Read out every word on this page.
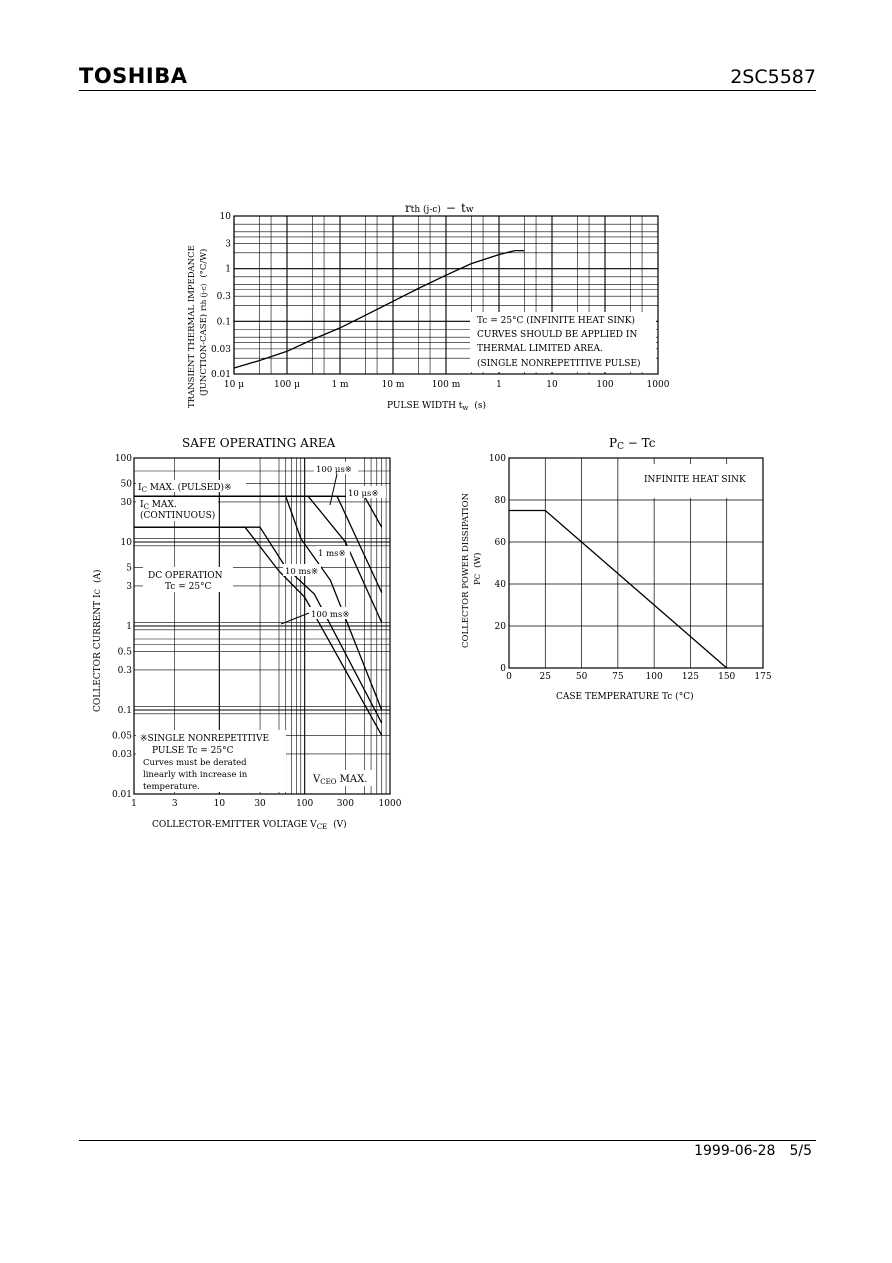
TOSHIBA	2SC5587
rth (j-c) − tw
10 μ	100 μ	1 m	10 m	100 m	1	10	100	1000
10
3
1
0.3
0.1
0.03
0.01
PULSE WIDTH $t_w$ (s)
TRANSIENT THERMAL IMPEDANCE (JUNCTION-CASE) rth (j-c)(°C/W)
Tc = 25°C (INFINITE HEAT SINK)
CURVES SHOULD BE APPLIED IN
THERMAL LIMITED AREA.
(SINGLE NONREPETITIVE PULSE)
SAFE OPERATING AREA
1	3	10	30	100	300	1000
100
50
30
10
5
3
1
0.5
0.3
0.1
0.05
0.03
0.01
COLLECTOR-EMITTER VOLTAGE $V_{CE}$ (V)
COLLECTOR CURRENT IC(A)
$I_C$ MAX. (PULSED)※
$I_C$ MAX.
(CONTINUOUS)
100 μs※
10 μs※
1 ms※
10 ms※
100 ms※
DC OPERATION
Tc = 25°C
※SINGLE NONREPETITIVE
PULSE Tc = 25°C
Curves must be derated
linearly with increase in
temperature.
$V_{CEO}$ MAX.
PC − Tc
INFINITE HEAT SINK
0	25	50	75 100 125 150 175
100
80
60
40
20
0
CASE TEMPERATURE Tc (°C)
COLLECTOR POWER DISSIPATION PC(W)
1999-06-28 5/5
